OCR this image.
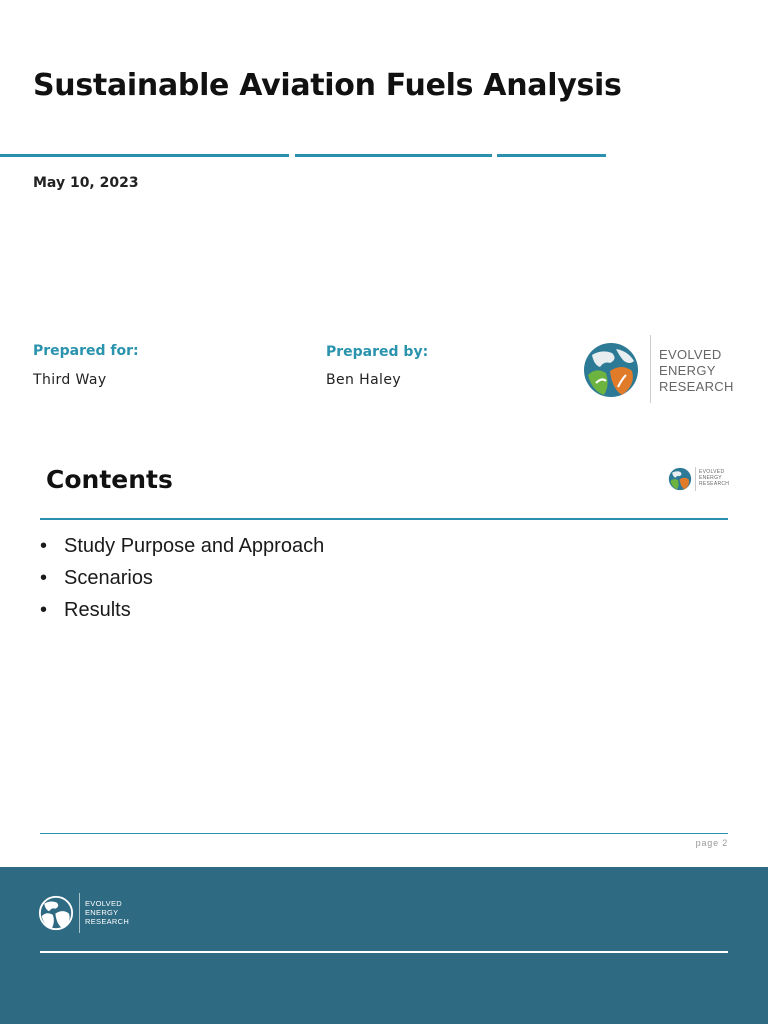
Sustainable Aviation Fuels Analysis
May 10, 2023
Prepared for:
Third Way
Prepared by:
Ben Haley
EVOLVED
ENERGY
RESEARCH
Contents	EVOLVED
ENERGY
RESEARCH
• Study Purpose and Approach
• Scenarios
• Results
page 2
EVOLVED
ENERGY
RESEARCH
